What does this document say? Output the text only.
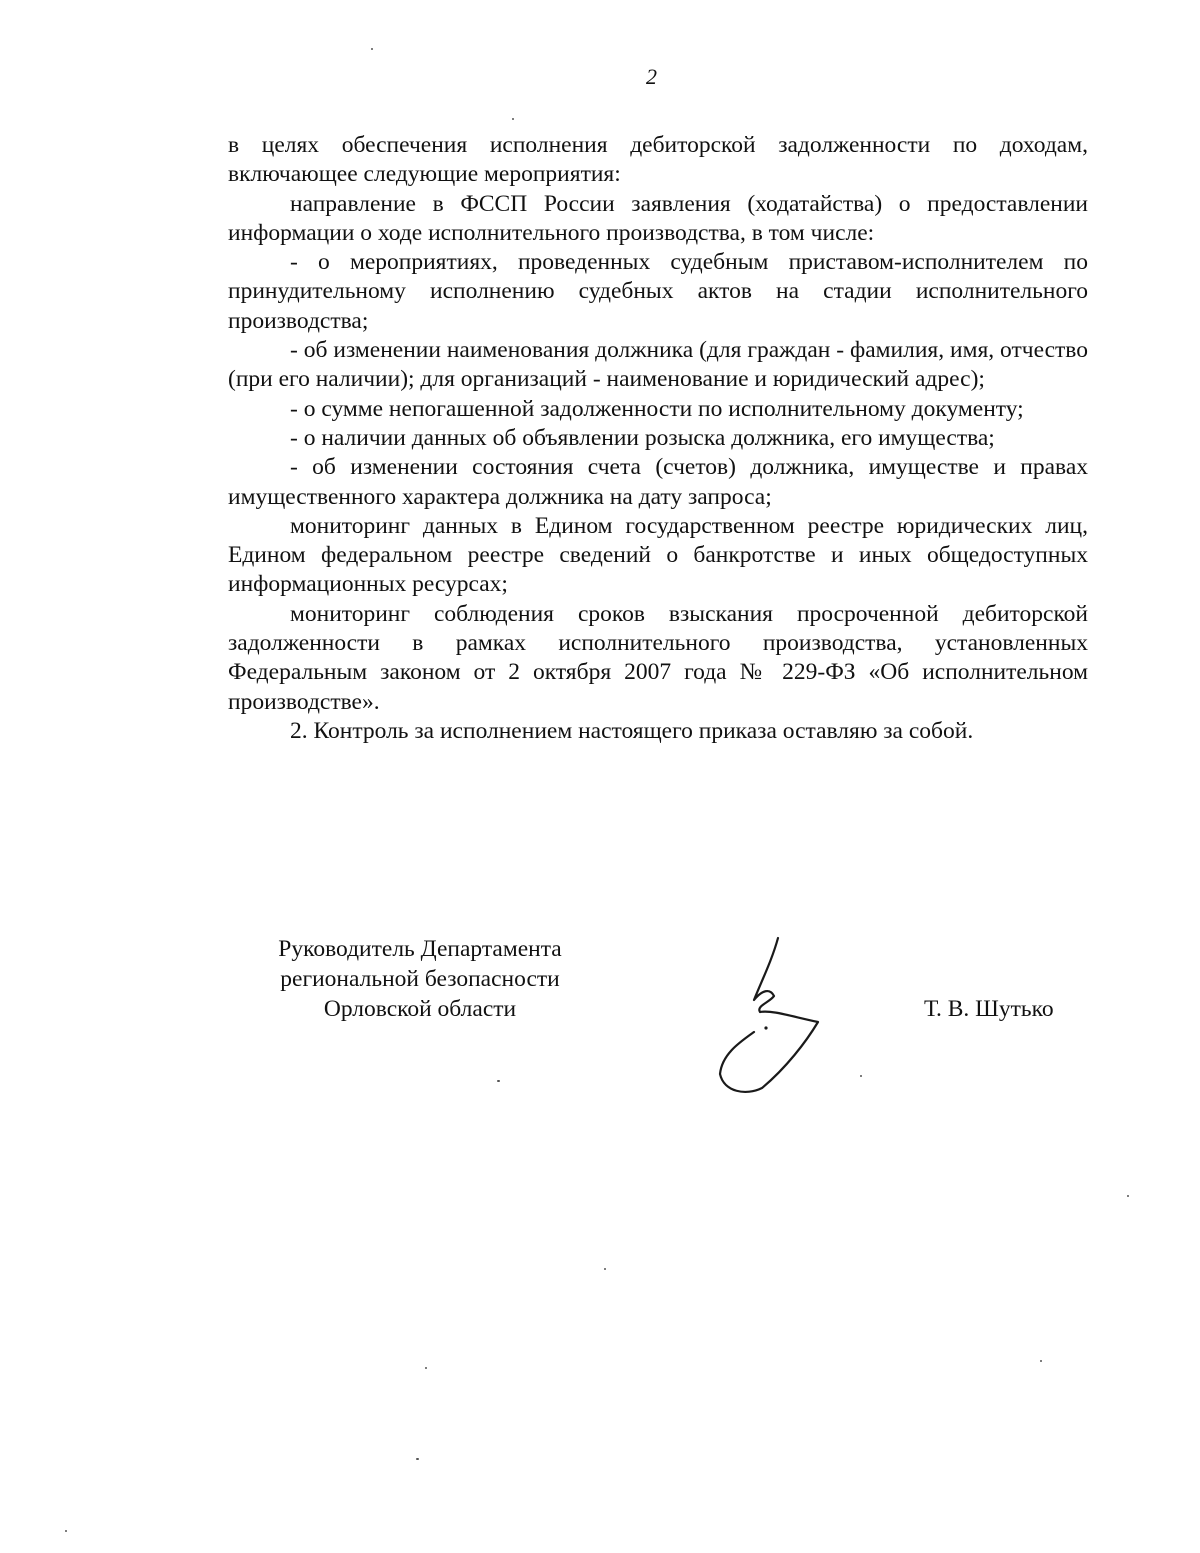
2

в целях обеспечения исполнения дебиторской задолженности по доходам, включающее следующие мероприятия:

направление в ФССП России заявления (ходатайства) о предоставлении информации о ходе исполнительного производства, в том числе:

- о мероприятиях, проведенных судебным приставом-исполнителем по принудительному исполнению судебных актов на стадии исполнительного производства;

- об изменении наименования должника (для граждан - фамилия, имя, отчество (при его наличии); для организаций - наименование и юридический адрес);

- о сумме непогашенной задолженности по исполнительному документу;

- о наличии данных об объявлении розыска должника, его имущества;

- об изменении состояния счета (счетов) должника, имуществе и правах имущественного характера должника на дату запроса;

мониторинг данных в Едином государственном реестре юридических лиц, Едином федеральном реестре сведений о банкротстве и иных общедоступных информационных ресурсах;

мониторинг соблюдения сроков взыскания просроченной дебиторской задолженности в рамках исполнительного производства, установленных Федеральным законом от 2 октября 2007 года № 229-ФЗ «Об исполнительном производстве».

2. Контроль за исполнением настоящего приказа оставляю за собой.

Руководитель Департамента
региональной безопасности
Орловской области	Т. В. Шутько
